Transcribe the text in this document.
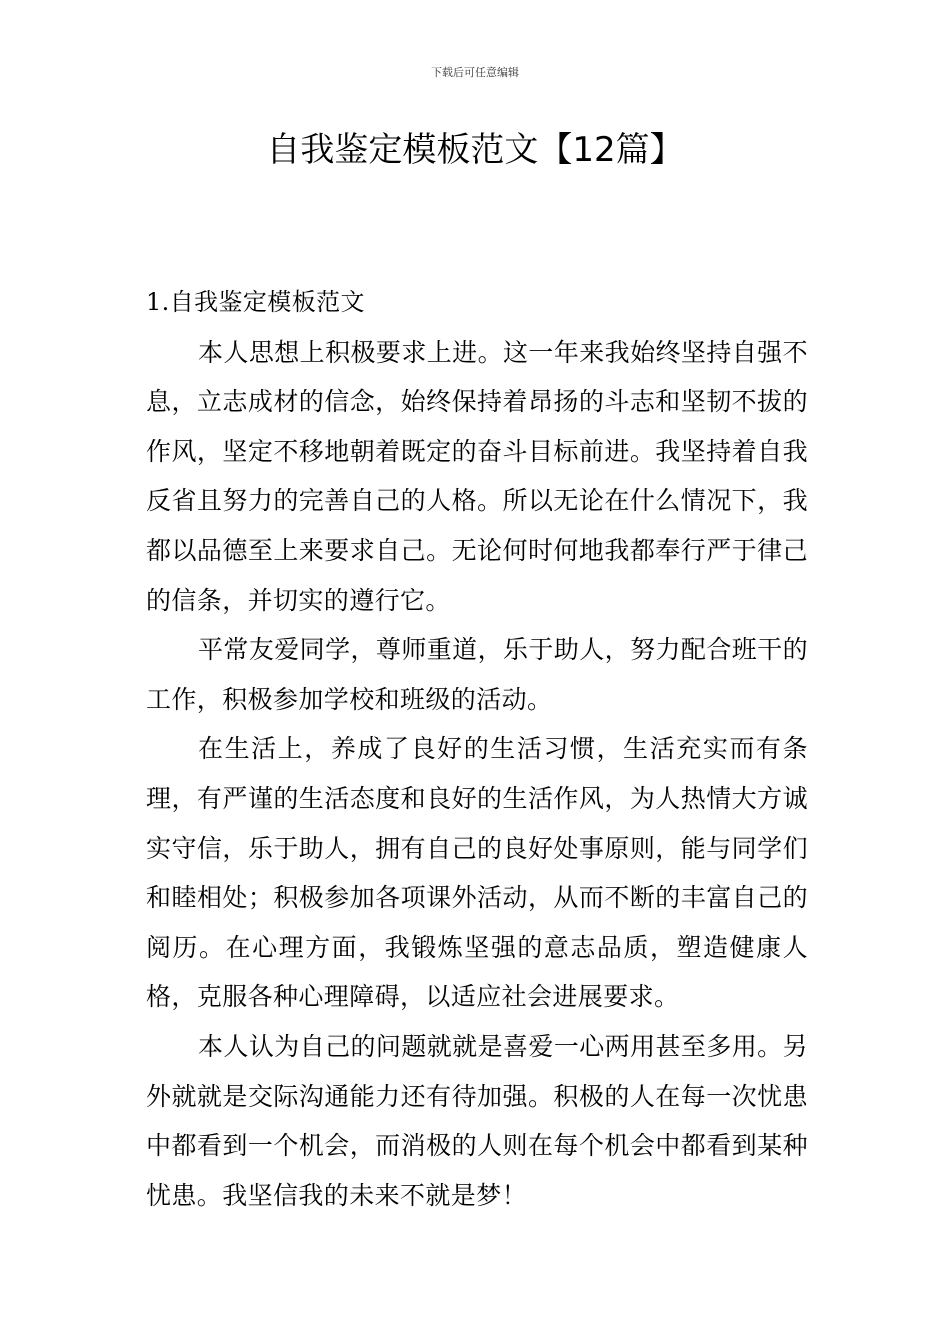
下载后可任意编辑
自我鉴定模板范文【12篇】
1.自我鉴定模板范文

本人思想上积极要求上进。这一年来我始终坚持自强不息，立志成材的信念，始终保持着昂扬的斗志和坚韧不拔的作风，坚定不移地朝着既定的奋斗目标前进。我坚持着自我反省且努力的完善自己的人格。所以无论在什么情况下，我都以品德至上来要求自己。无论何时何地我都奉行严于律己的信条，并切实的遵行它。

平常友爱同学，尊师重道，乐于助人，努力配合班干的工作，积极参加学校和班级的活动。

在生活上，养成了良好的生活习惯，生活充实而有条理，有严谨的生活态度和良好的生活作风，为人热情大方诚实守信，乐于助人，拥有自己的良好处事原则，能与同学们和睦相处；积极参加各项课外活动，从而不断的丰富自己的阅历。在心理方面，我锻炼坚强的意志品质，塑造健康人格，克服各种心理障碍，以适应社会进展要求。

本人认为自己的问题就就是喜爱一心两用甚至多用。另外就就是交际沟通能力还有待加强。积极的人在每一次忧患中都看到一个机会，而消极的人则在每个机会中都看到某种忧患。我坚信我的未来不就是梦！
